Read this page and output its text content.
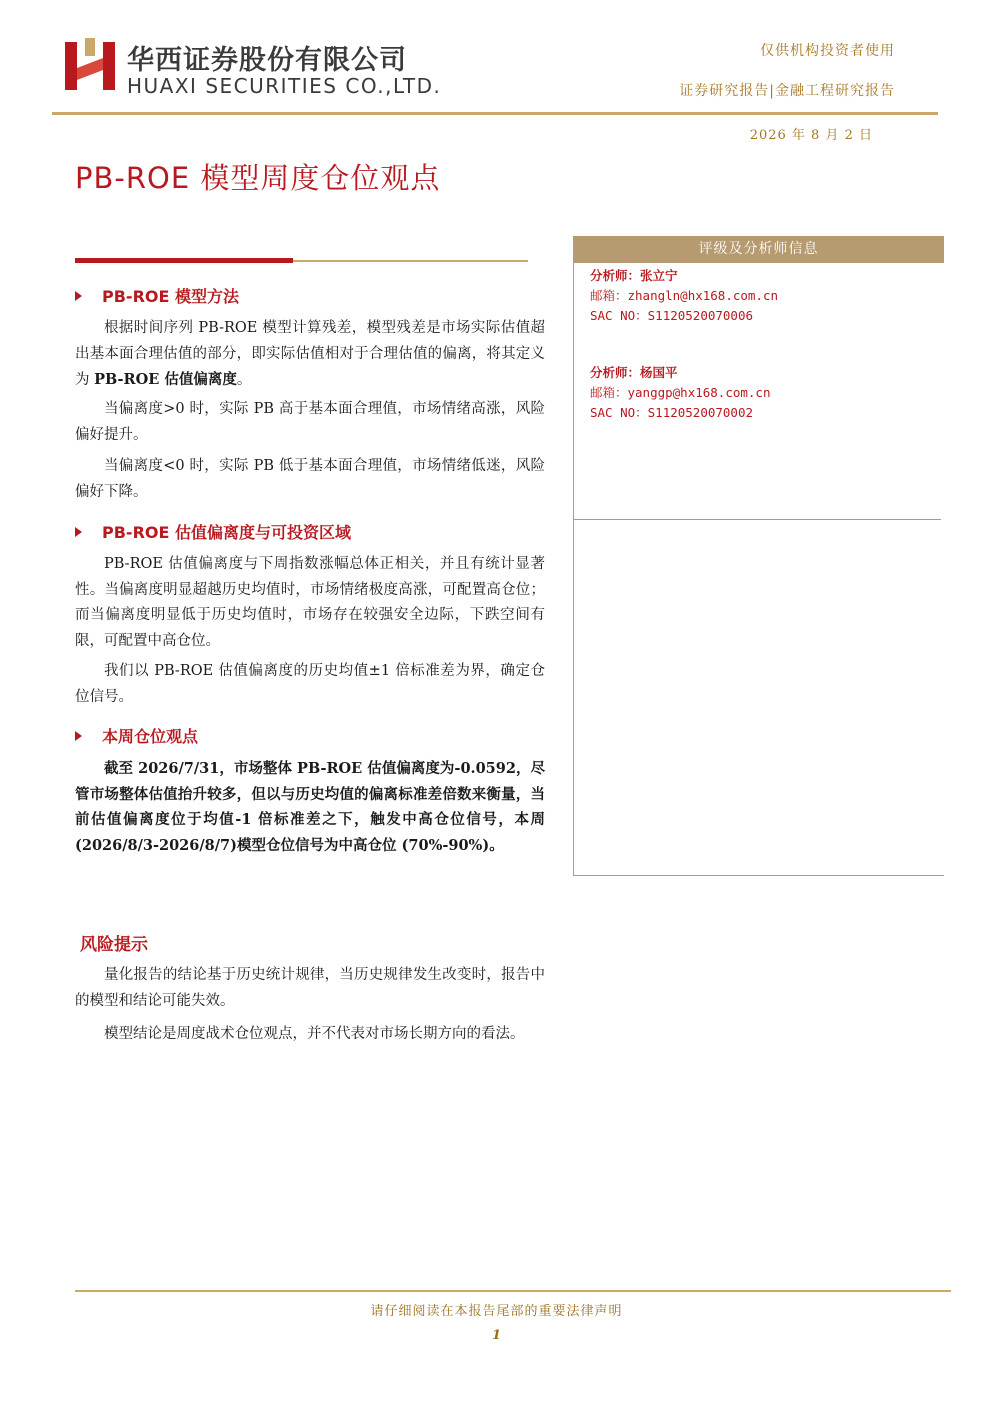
华西证券股份有限公司
HUAXI SECURITIES CO.,LTD.
仅供机构投资者使用
证券研究报告|金融工程研究报告
2026 年 8 月 2 日
PB-ROE 模型周度仓位观点
PB-ROE 模型方法
根据时间序列 PB-ROE 模型计算残差，模型残差是市场实际估值超出基本面合理估值的部分，即实际估值相对于合理估值的偏离，将其定义为 PB-ROE 估值偏离度。
当偏离度>0 时，实际 PB 高于基本面合理值，市场情绪高涨，风险偏好提升。
当偏离度<0 时，实际 PB 低于基本面合理值，市场情绪低迷，风险偏好下降。
PB-ROE 估值偏离度与可投资区域
PB-ROE 估值偏离度与下周指数涨幅总体正相关，并且有统计显著性。当偏离度明显超越历史均值时，市场情绪极度高涨，可配置高仓位；而当偏离度明显低于历史均值时，市场存在较强安全边际，下跌空间有限，可配置中高仓位。
我们以 PB-ROE 估值偏离度的历史均值±1 倍标准差为界，确定仓位信号。
本周仓位观点
截至 2026/7/31，市场整体 PB-ROE 估值偏离度为-0.0592，尽管市场整体估值抬升较多，但以与历史均值的偏离标准差倍数来衡量，当前估值偏离度位于均值-1 倍标准差之下，触发中高仓位信号，本周(2026/8/3-2026/8/7)模型仓位信号为中高仓位 (70%-90%)。
风险提示
量化报告的结论基于历史统计规律，当历史规律发生改变时，报告中的模型和结论可能失效。
模型结论是周度战术仓位观点，并不代表对市场长期方向的看法。
评级及分析师信息
分析师：张立宁
邮箱：zhangln@hx168.com.cn
SAC NO：S1120520070006
分析师：杨国平
邮箱：yanggp@hx168.com.cn
SAC NO：S1120520070002
请仔细阅读在本报告尾部的重要法律声明
1
